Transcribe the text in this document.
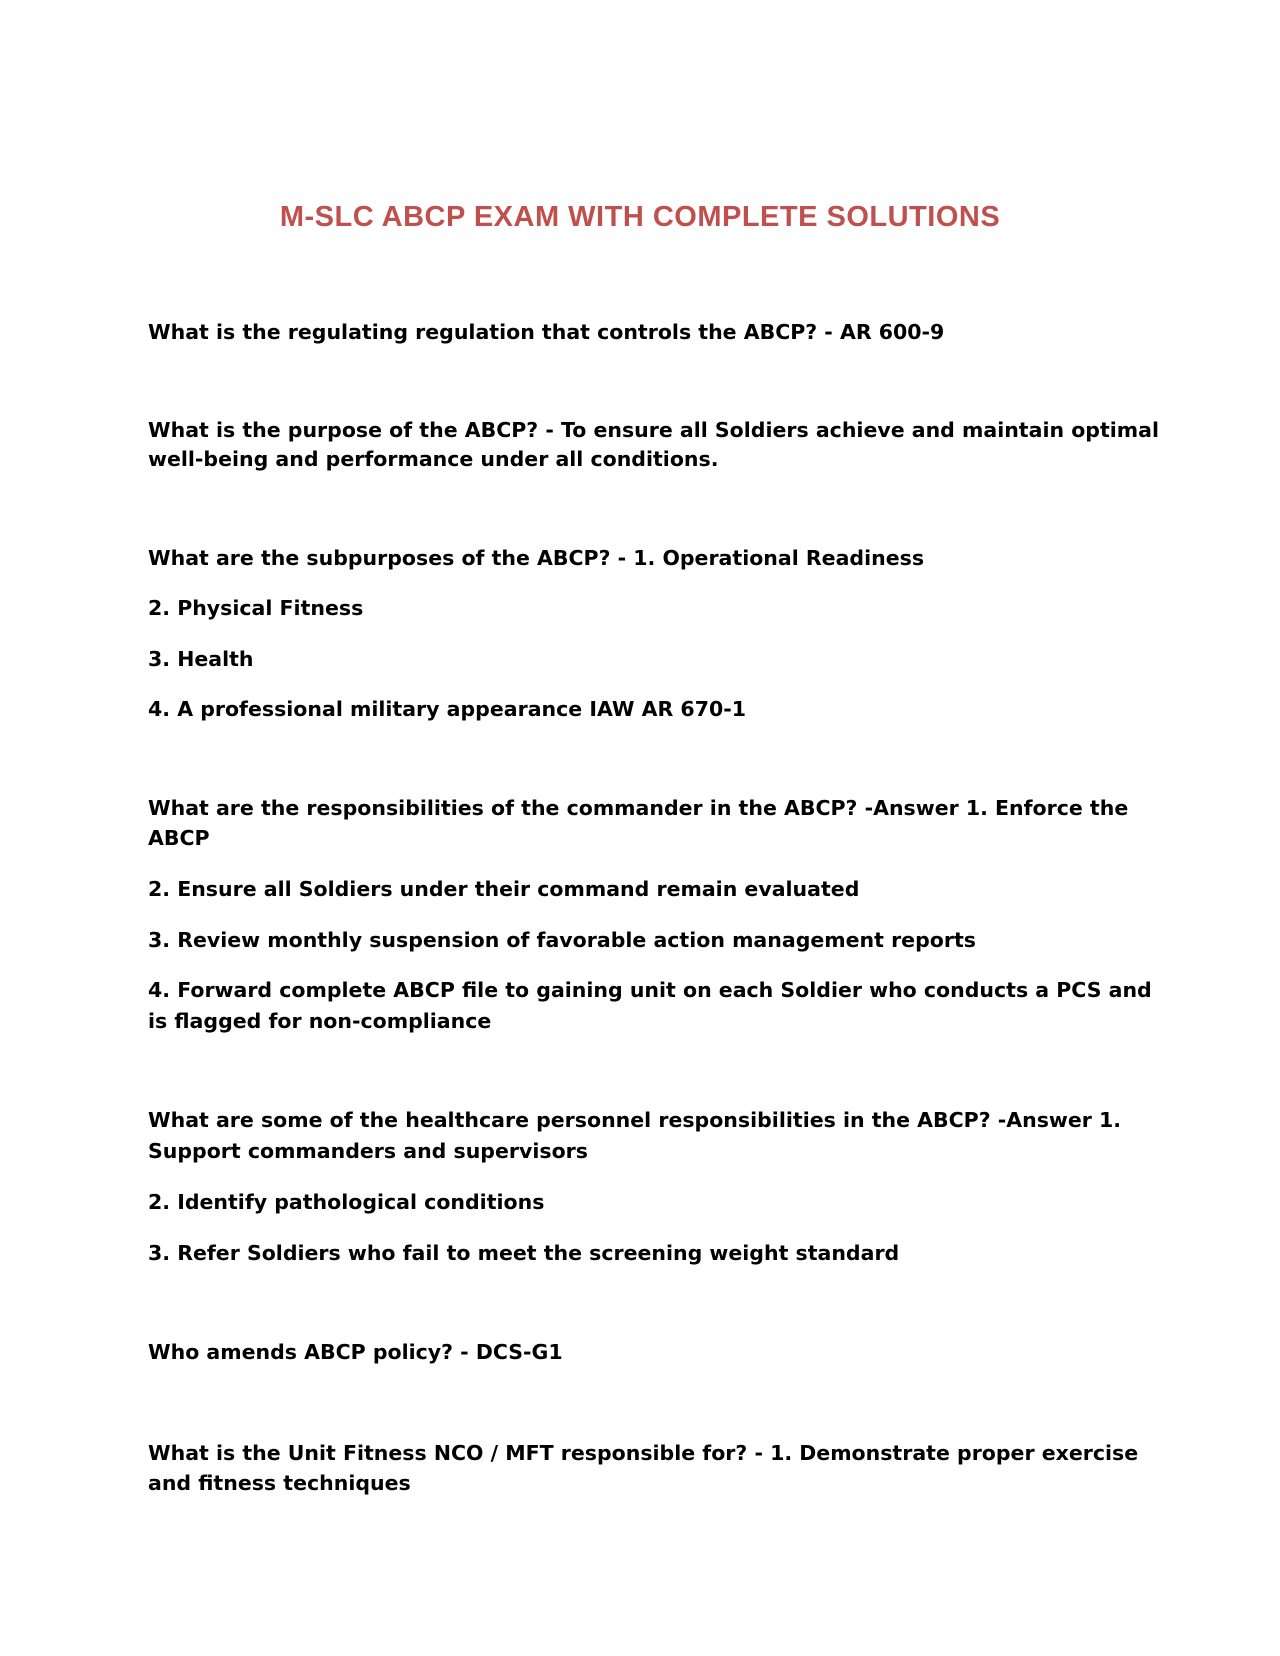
M-SLC ABCP EXAM WITH COMPLETE SOLUTIONS

What is the regulating regulation that controls the ABCP? - AR 600-9

What is the purpose of the ABCP? - To ensure all Soldiers achieve and maintain optimal

well-being and performance under all conditions.

What are the subpurposes of the ABCP? - 1. Operational Readiness

2. Physical Fitness

3. Health

4. A professional military appearance IAW AR 670-1

What are the responsibilities of the commander in the ABCP? -Answer 1. Enforce the

ABCP

2. Ensure all Soldiers under their command remain evaluated

3. Review monthly suspension of favorable action management reports

4. Forward complete ABCP file to gaining unit on each Soldier who conducts a PCS and

is flagged for non-compliance

What are some of the healthcare personnel responsibilities in the ABCP? -Answer 1.

Support commanders and supervisors

2. Identify pathological conditions

3. Refer Soldiers who fail to meet the screening weight standard

Who amends ABCP policy? - DCS-G1

What is the Unit Fitness NCO / MFT responsible for? - 1. Demonstrate proper exercise

and fitness techniques
